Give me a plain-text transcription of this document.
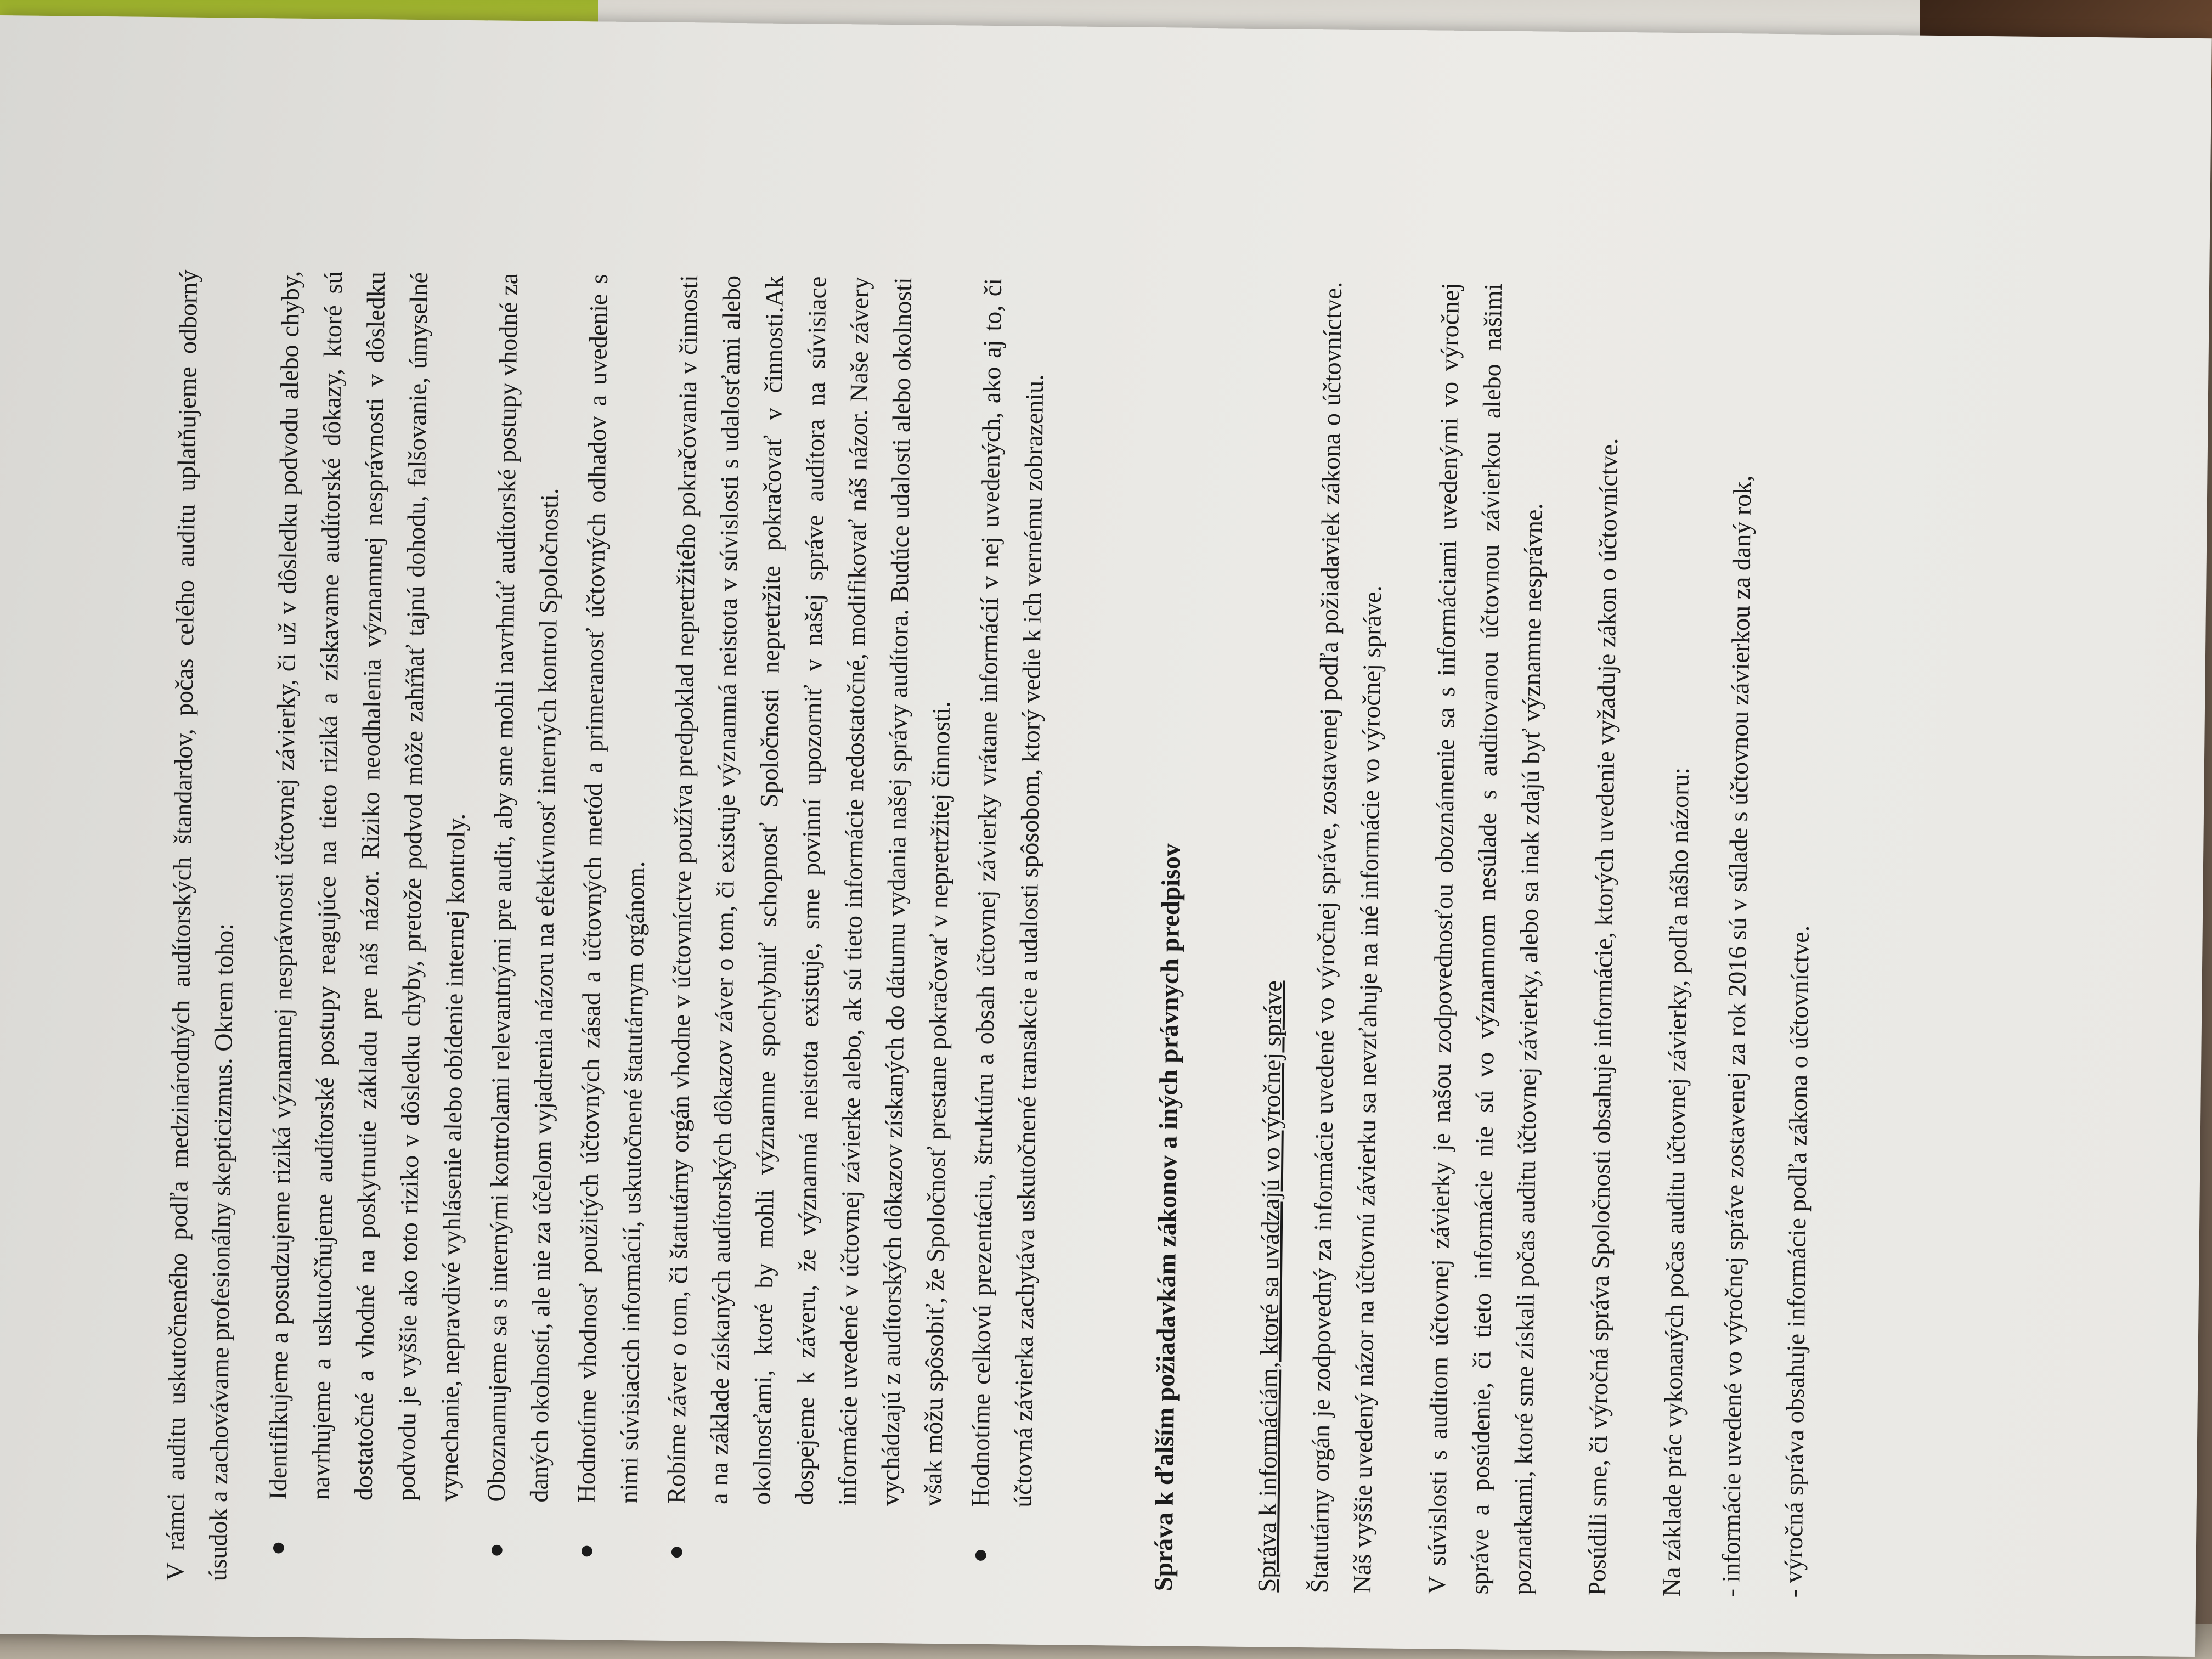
V rámci auditu uskutočneného podľa medzinárodných audítorských štandardov, počas celého auditu uplatňujeme odborný úsudok a zachovávame profesionálny skepticizmus. Okrem toho: ●
Identifikujeme a posudzujeme riziká významnej nesprávnosti účtovnej závierky, či už v dôsledku podvodu alebo chyby, navrhujeme a uskutočňujeme audítorské postupy reagujúce na tieto riziká a získavame audítorské dôkazy, ktoré sú dostatočné a vhodné na poskytnutie základu pre náš názor. Riziko neodhalenia významnej nesprávnosti v dôsledku podvodu je vyššie ako toto riziko v dôsledku chyby, pretože podvod môže zahŕňať tajnú dohodu, falšovanie, úmyselné vynechanie, nepravdivé vyhlásenie alebo obídenie internej kontroly.
●
Oboznamujeme sa s internými kontrolami relevantnými pre audit, aby sme mohli navrhnúť audítorské postupy vhodné za daných okolností, ale nie za účelom vyjadrenia názoru na efektívnosť interných kontrol Spoločnosti.
●
Hodnotíme vhodnosť použitých účtovných zásad a účtovných metód a primeranosť účtovných odhadov a uvedenie s nimi súvisiacich informácií, uskutočnené štatutárnym orgánom.
●
Robíme záver o tom, či štatutárny orgán vhodne v účtovníctve používa predpoklad nepretržitého pokračovania v činnosti a na základe získaných audítorských dôkazov záver o tom, či existuje významná neistota v súvislosti s udalosťami alebo okolnosťami, ktoré by mohli významne spochybniť schopnosť Spoločnosti nepretržite pokračovať v činnosti.Ak dospejeme k záveru, že významná neistota existuje, sme povinní upozorniť v našej správe audítora na súvisiace informácie uvedené v účtovnej závierke alebo, ak sú tieto informácie nedostatočné, modifikovať náš názor. Naše závery vychádzajú z audítorských dôkazov získaných do dátumu vydania našej správy audítora. Budúce udalosti alebo okolnosti však môžu spôsobiť, že Spoločnosť prestane pokračovať v nepretržitej činnosti.
●
Hodnotíme celkovú prezentáciu, štruktúru a obsah účtovnej závierky vrátane informácií v nej uvedených, ako aj to, či účtovná závierka zachytáva uskutočnené transakcie a udalosti spôsobom, ktorý vedie k ich vernému zobrazeniu.	Správa k ďalším požiadavkám zákonov a iných právnych predpisov	Správa k informáciám, ktoré sa uvádzajú vo výročnej správe Štatutárny orgán je zodpovedný za informácie uvedené vo výročnej správe, zostavenej podľa požiadaviek zákona o účtovníctve. Náš vyššie uvedený názor na účtovnú závierku sa nevzťahuje na iné informácie vo výročnej správe.	V súvislosti s auditom účtovnej závierky je našou zodpovednosťou oboznámenie sa s informáciami uvedenými vo výročnej správe a posúdenie, či tieto informácie nie sú vo významnom nesúlade s auditovanou účtovnou závierkou alebo našimi poznatkami, ktoré sme získali počas auditu účtovnej závierky, alebo sa inak zdajú byť významne nesprávne.	Posúdili sme, či výročná správa Spoločnosti obsahuje informácie, ktorých uvedenie vyžaduje zákon o účtovníctve.	Na základe prác vykonaných počas auditu účtovnej závierky, podľa nášho názoru: - informácie uvedené vo výročnej správe zostavenej za rok 2016 sú v súlade s účtovnou závierkou za daný rok, - výročná správa obsahuje informácie podľa zákona o účtovníctve.
